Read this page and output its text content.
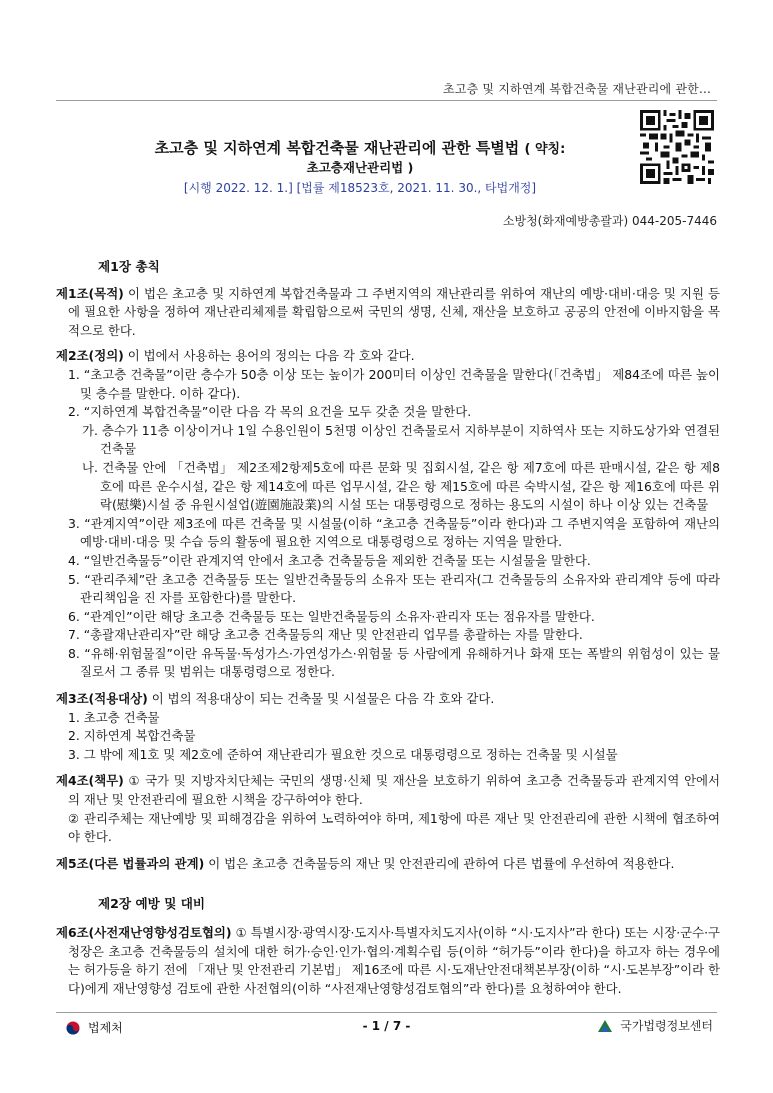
초고층 및 지하연계 복합건축물 재난관리에 관한...
초고층 및 지하연계 복합건축물 재난관리에 관한 특별법 ( 약칭:
초고층재난관리법 )
[시행 2022. 12. 1.] [법률 제18523호, 2021. 11. 30., 타법개정]
소방청(화재예방총괄과) 044-205-7446
제1장 총칙

제1조(목적) 이 법은 초고층 및 지하연계 복합건축물과 그 주변지역의 재난관리를 위하여 재난의 예방·대비·대응 및 지원 등에 필요한 사항을 정하여 재난관리체제를 확립함으로써 국민의 생명, 신체, 재산을 보호하고 공공의 안전에 이바지함을 목적으로 한다.

제2조(정의) 이 법에서 사용하는 용어의 정의는 다음 각 호와 같다.

1. “초고층 건축물”이란 층수가 50층 이상 또는 높이가 200미터 이상인 건축물을 말한다(「건축법」 제84조에 따른 높이 및 층수를 말한다. 이하 같다).

2. “지하연계 복합건축물”이란 다음 각 목의 요건을 모두 갖춘 것을 말한다.

가. 층수가 11층 이상이거나 1일 수용인원이 5천명 이상인 건축물로서 지하부분이 지하역사 또는 지하도상가와 연결된 건축물

나. 건축물 안에 「건축법」 제2조제2항제5호에 따른 문화 및 집회시설, 같은 항 제7호에 따른 판매시설, 같은 항 제8호에 따른 운수시설, 같은 항 제14호에 따른 업무시설, 같은 항 제15호에 따른 숙박시설, 같은 항 제16호에 따른 위락(慰樂)시설 중 유원시설업(遊園施設業)의 시설 또는 대통령령으로 정하는 용도의 시설이 하나 이상 있는 건축물

3. “관계지역”이란 제3조에 따른 건축물 및 시설물(이하 “초고층 건축물등”이라 한다)과 그 주변지역을 포함하여 재난의 예방·대비·대응 및 수습 등의 활동에 필요한 지역으로 대통령령으로 정하는 지역을 말한다.

4. “일반건축물등”이란 관계지역 안에서 초고층 건축물등을 제외한 건축물 또는 시설물을 말한다.

5. “관리주체”란 초고층 건축물등 또는 일반건축물등의 소유자 또는 관리자(그 건축물등의 소유자와 관리계약 등에 따라 관리책임을 진 자를 포함한다)를 말한다.

6. “관계인”이란 해당 초고층 건축물등 또는 일반건축물등의 소유자·관리자 또는 점유자를 말한다.

7. “총괄재난관리자”란 해당 초고층 건축물등의 재난 및 안전관리 업무를 총괄하는 자를 말한다.

8. “유해·위험물질”이란 유독물·독성가스·가연성가스·위험물 등 사람에게 유해하거나 화재 또는 폭발의 위험성이 있는 물질로서 그 종류 및 범위는 대통령령으로 정한다.

제3조(적용대상) 이 법의 적용대상이 되는 건축물 및 시설물은 다음 각 호와 같다.

1. 초고층 건축물

2. 지하연계 복합건축물

3. 그 밖에 제1호 및 제2호에 준하여 재난관리가 필요한 것으로 대통령령으로 정하는 건축물 및 시설물

제4조(책무) ① 국가 및 지방자치단체는 국민의 생명·신체 및 재산을 보호하기 위하여 초고층 건축물등과 관계지역 안에서의 재난 및 안전관리에 필요한 시책을 강구하여야 한다.

② 관리주체는 재난예방 및 피해경감을 위하여 노력하여야 하며, 제1항에 따른 재난 및 안전관리에 관한 시책에 협조하여야 한다.

제5조(다른 법률과의 관계) 이 법은 초고층 건축물등의 재난 및 안전관리에 관하여 다른 법률에 우선하여 적용한다.

제2장 예방 및 대비

제6조(사전재난영향성검토협의) ① 특별시장·광역시장·도지사·특별자치도지사(이하 “시·도지사”라 한다) 또는 시장·군수·구청장은 초고층 건축물등의 설치에 대한 허가·승인·인가·협의·계획수립 등(이하 “허가등”이라 한다)을 하고자 하는 경우에는 허가등을 하기 전에 「재난 및 안전관리 기본법」 제16조에 따른 시·도재난안전대책본부장(이하 “시·도본부장”이라 한다)에게 재난영향성 검토에 관한 사전협의(이하 “사전재난영향성검토협의”라 한다)를 요청하여야 한다.

법제처	- 1 / 7 -	국가법령정보센터
